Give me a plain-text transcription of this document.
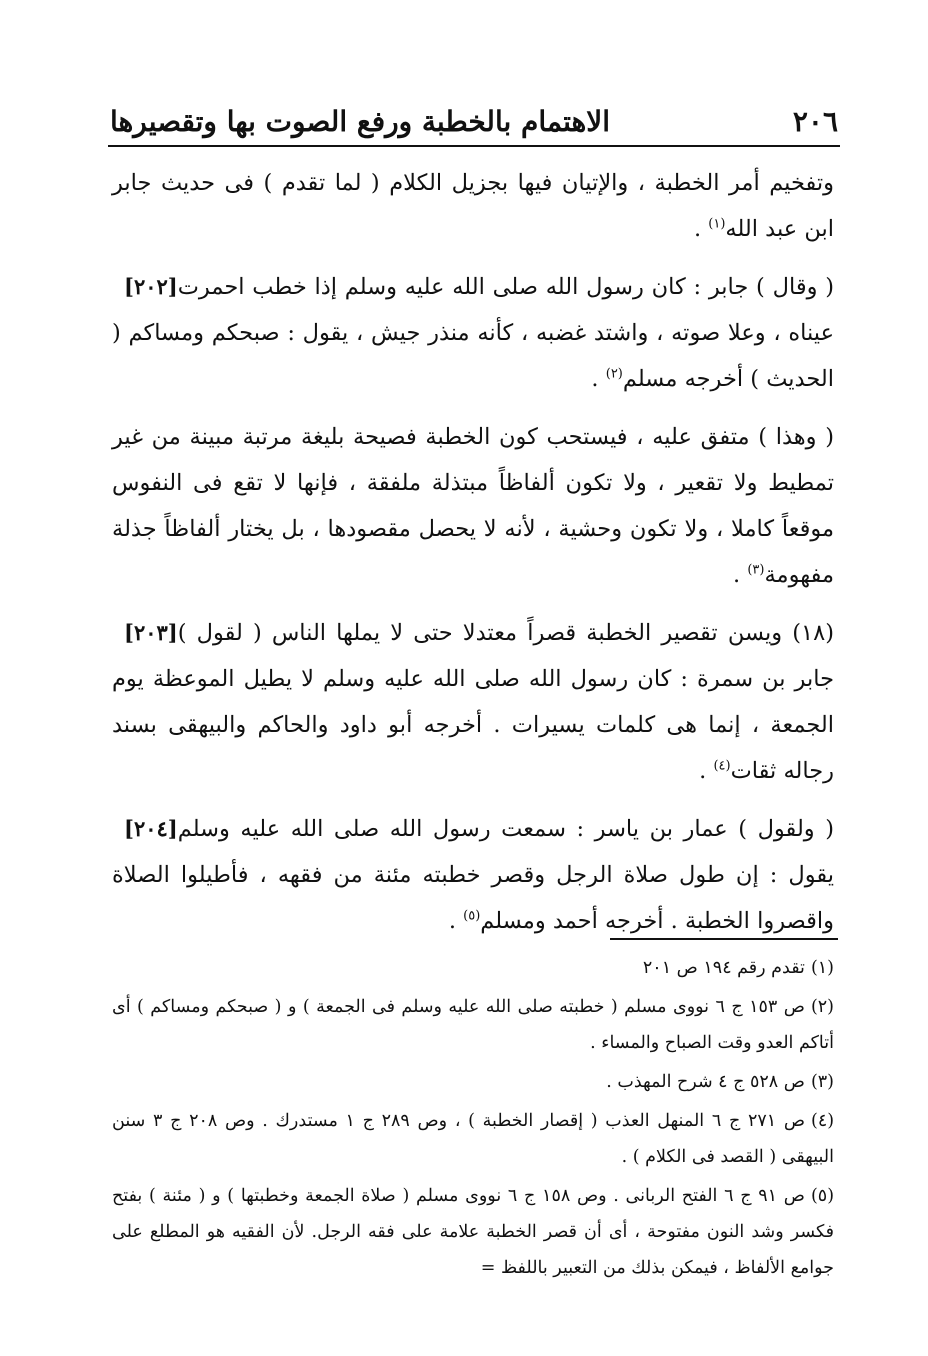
٢٠٦
الاهتمام بالخطبة ورفع الصوت بها وتقصيرها

وتفخيم أمر الخطبة ، والإتيان فيها بجزيل الكلام ( لما تقدم ) فى حديث جابر ابن عبد الله$^{(١)}$ .

[٢٠٢] ( وقال ) جابر : كان رسول الله صلى الله عليه وسلم إذا خطب احمرت عيناه ، وعلا صوته ، واشتد غضبه ، كأنه منذر جيش ، يقول : صبحكم ومساكم ( الحديث ) أخرجه مسلم$^{(٢)}$ .

( وهذا ) متفق عليه ، فيستحب كون الخطبة فصيحة بليغة مرتبة مبينة من غير تمطيط ولا تقعير ، ولا تكون ألفاظاً مبتذلة ملفقة ، فإنها لا تقع فى النفوس موقعاً كاملا ، ولا تكون وحشية ، لأنه لا يحصل مقصودها ، بل يختار ألفاظاً جذلة مفهومة$^{(٣)}$ .

[٢٠٣] (١٨) ويسن تقصير الخطبة قصراً معتدلا حتى لا يملها الناس ( لقول ) جابر بن سمرة : كان رسول الله صلى الله عليه وسلم لا يطيل الموعظة يوم الجمعة ، إنما هى كلمات يسيرات . أخرجه أبو داود والحاكم والبيهقى بسند رجاله ثقات$^{(٤)}$ .

[٢٠٤] ( ولقول ) عمار بن ياسر : سمعت رسول الله صلى الله عليه وسلم يقول : إن طول صلاة الرجل وقصر خطبته مئنة من فقهه ، فأطيلوا الصلاة واقصروا الخطبة . أخرجه أحمد ومسلم$^{(٥)}$ .

(١)تقدم رقم ١٩٤ ص ٢٠١

(٢)ص ١٥٣ ج ٦ نووى مسلم ( خطبته صلى الله عليه وسلم فى الجمعة ) و ( صبحكم ومساكم ) أى أتاكم العدو وقت الصباح والمساء .

(٣)ص ٥٢٨ ج ٤ شرح المهذب .

(٤)ص ٢٧١ ج ٦ المنهل العذب ( إقصار الخطبة ) ، وص ٢٨٩ ج ١ مستدرك . وص ٢٠٨ ج ٣ سنن البيهقى ( القصد فى الكلام ) .

(٥)ص ٩١ ج ٦ الفتح الربانى . وص ١٥٨ ج ٦ نووى مسلم ( صلاة الجمعة وخطبتها ) و ( مئنة ) بفتح فكسر وشد النون مفتوحة ، أى أن قصر الخطبة علامة على فقه الرجل. لأن الفقيه هو المطلع على جوامع الألفاظ ، فيمكن بذلك من التعبير باللفظ =
